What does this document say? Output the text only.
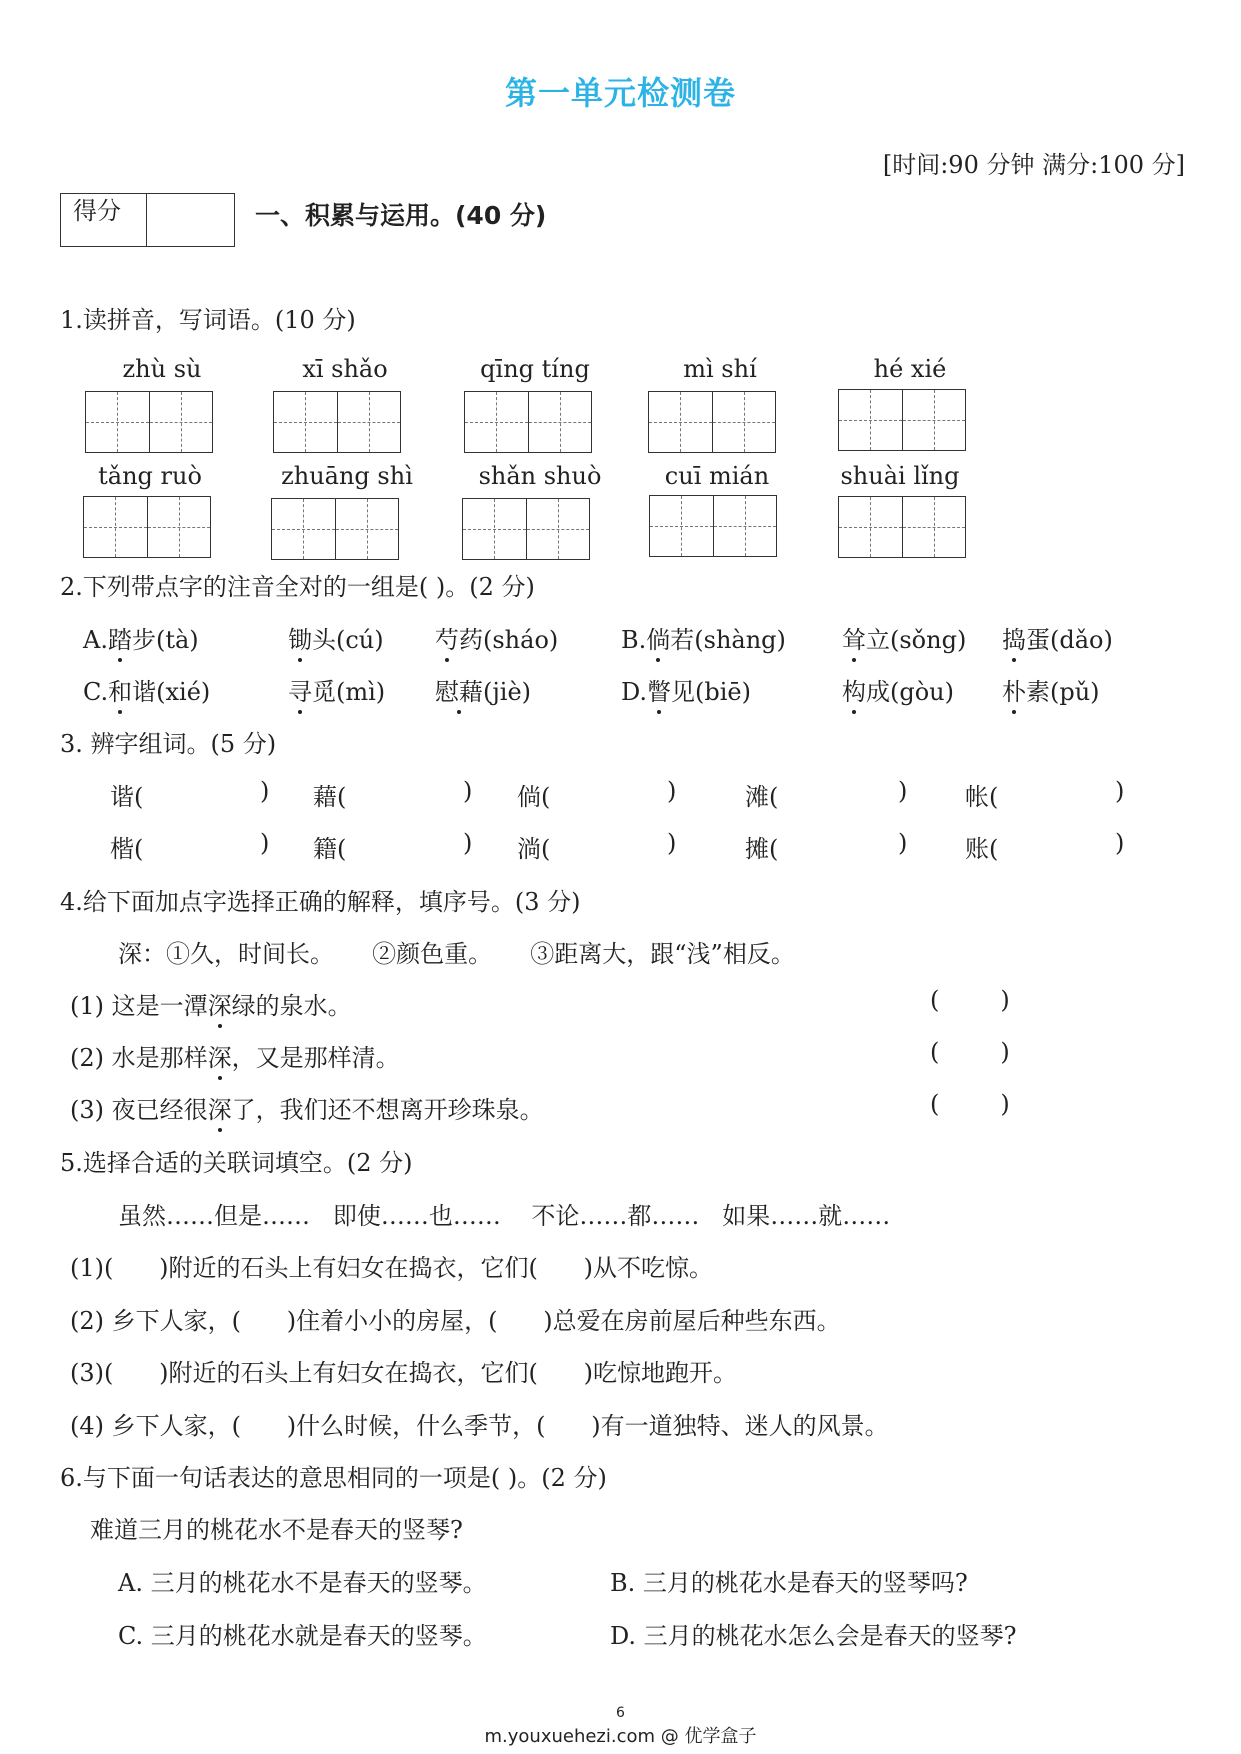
第一单元检测卷
[时间:90 分钟 满分:100 分]
得分	一、积累与运用。(40 分)
1.读拼音，写词语。(10 分)
zhù sù	xī shǎo	qīng tíng	mì shí	hé xié
tǎng ruò	zhuāng shì	shǎn shuò	cuī mián	shuài lǐng
2.下列带点字的注音全对的一组是( )。(2 分)
A.踏步(tà)	锄头(cú) 芍药(sháo)	B.倘若(shàng) 耸立(sǒng) 捣蛋(dǎo)
C.和谐(xié)	寻觅(mì) 慰藉(jiè)	D.瞥见(biē)	构成(gòu) 朴素(pǔ)
3. 辨字组词。(5 分)
谐(	) 藉(	) 倘(	)	滩(	) 帐(	)
楷(	) 籍(	) 淌(	)	摊(	) 账(	)
4.给下面加点字选择正确的解释，填序号。(3 分)
深：①久，时间长。     ②颜色重。     ③距离大，跟“浅”相反。
(1) 这是一潭深绿的泉水。	(        )
(2) 水是那样深，又是那样清。	(        )
(3) 夜已经很深了，我们还不想离开珍珠泉。	(        )
5.选择合适的关联词填空。(2 分)
虽然……但是……   即使……也……    不论……都……   如果……就……
(1)(      )附近的石头上有妇女在捣衣，它们(      )从不吃惊。
(2) 乡下人家，(      )住着小小的房屋，(      )总爱在房前屋后种些东西。
(3)(      )附近的石头上有妇女在捣衣，它们(      )吃惊地跑开。
(4) 乡下人家，(      )什么时候，什么季节，(      )有一道独特、迷人的风景。
6.与下面一句话表达的意思相同的一项是( )。(2 分)
难道三月的桃花水不是春天的竖琴?
A. 三月的桃花水不是春天的竖琴。	B. 三月的桃花水是春天的竖琴吗?
C. 三月的桃花水就是春天的竖琴。	D. 三月的桃花水怎么会是春天的竖琴?
6
m.youxuehezi.com @ 优学盒子
